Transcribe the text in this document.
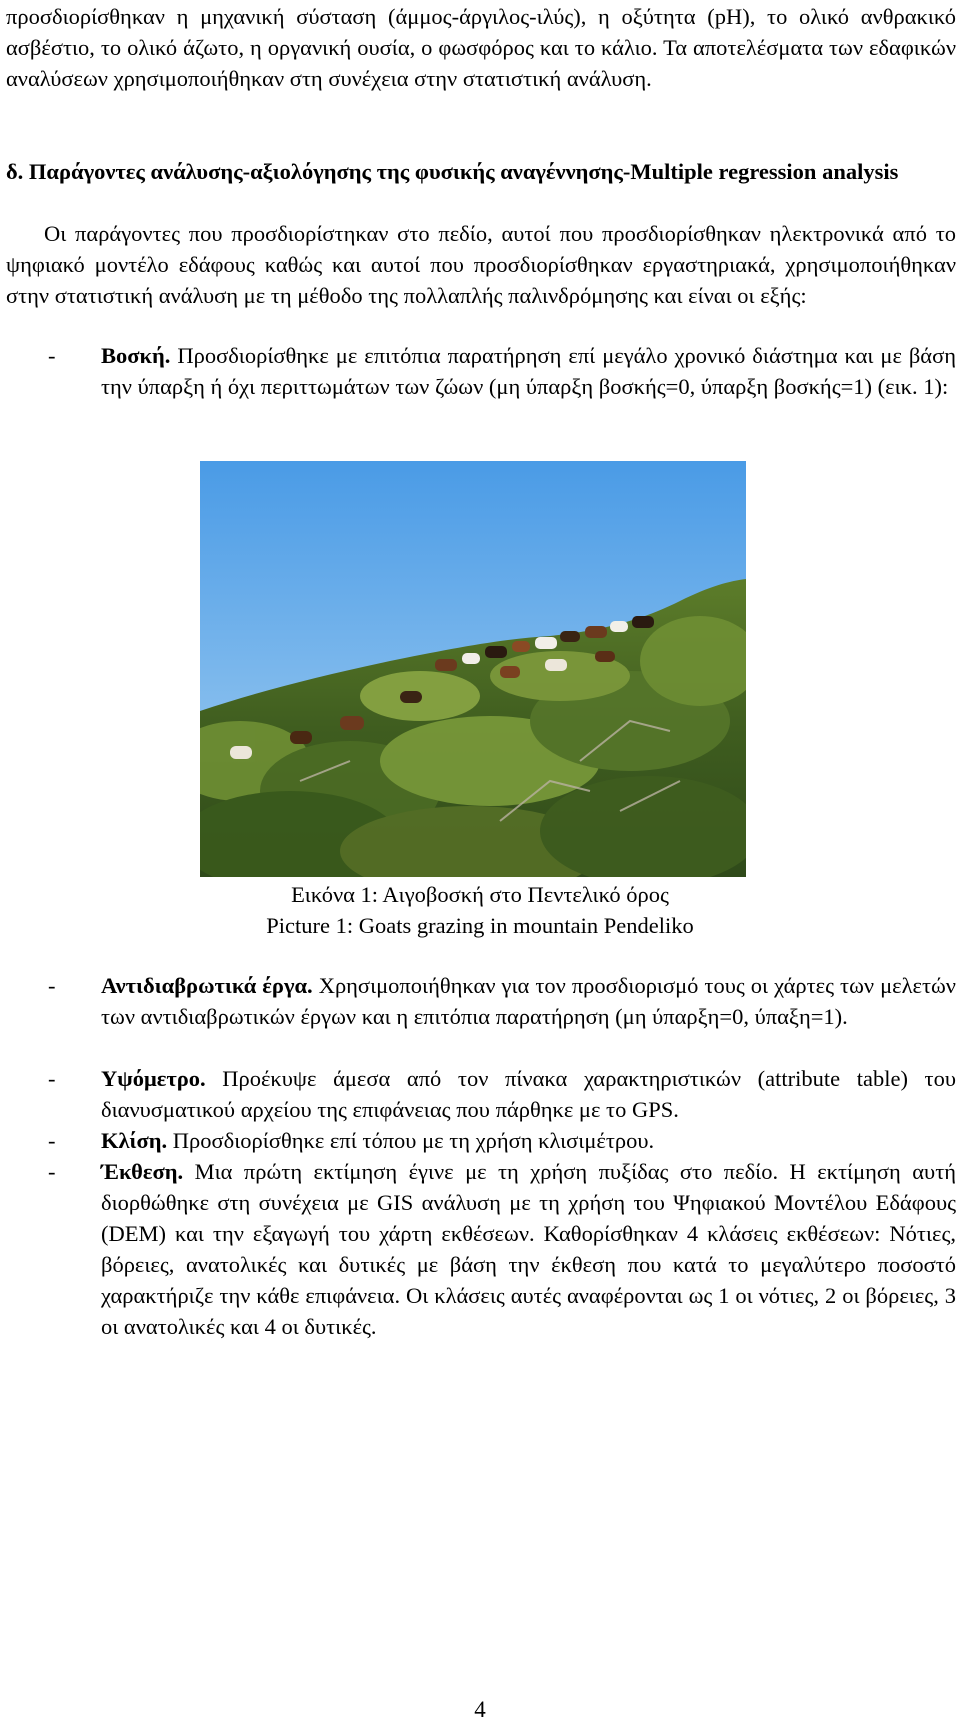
προσδιορίσθηκαν η μηχανική σύσταση (άμμος-άργιλος-ιλύς), η οξύτητα (pH), το ολικό ανθρακικό ασβέστιο, το ολικό άζωτο, η οργανική ουσία, ο φωσφόρος και το κάλιο. Τα αποτελέσματα των εδαφικών αναλύσεων χρησιμοποιήθηκαν στη συνέχεια στην στατιστική ανάλυση.

δ. Παράγοντες ανάλυσης-αξιολόγησης της φυσικής αναγέννησης-Multiple regression analysis

Οι παράγοντες που προσδιορίστηκαν στο πεδίο, αυτοί που προσδιορίσθηκαν ηλεκτρονικά από το ψηφιακό μοντέλο εδάφους καθώς και αυτοί που προσδιορίσθηκαν εργαστηριακά, χρησιμοποιήθηκαν στην στατιστική ανάλυση με τη μέθοδο της πολλαπλής παλινδρόμησης και είναι οι εξής:

- Βοσκή. Προσδιορίσθηκε με επιτόπια παρατήρηση επί μεγάλο χρονικό διάστημα και με βάση την ύπαρξη ή όχι περιττωμάτων των ζώων (μη ύπαρξη βοσκής=0, ύπαρξη βοσκής=1) (εικ. 1):

- Αντιδιαβρωτικά έργα. Χρησιμοποιήθηκαν για τον προσδιορισμό τους οι χάρτες των μελετών των αντιδιαβρωτικών έργων και η επιτόπια παρατήρηση (μη ύπαρξη=0, ύπαξη=1).

- Υψόμετρο. Προέκυψε άμεσα από τον πίνακα χαρακτηριστικών (attribute table) του διανυσματικού αρχείου της επιφάνειας που πάρθηκε με το GPS.

- Κλίση. Προσδιορίσθηκε επί τόπου με τη χρήση κλισιμέτρου.

- Έκθεση. Μια πρώτη εκτίμηση έγινε με τη χρήση πυξίδας στο πεδίο. Η εκτίμηση αυτή διορθώθηκε στη συνέχεια με GIS ανάλυση με τη χρήση του Ψηφιακού Μοντέλου Εδάφους (DEM) και την εξαγωγή του χάρτη εκθέσεων. Καθορίσθηκαν 4 κλάσεις εκθέσεων: Νότιες, βόρειες, ανατολικές και δυτικές με βάση την έκθεση που κατά το μεγαλύτερο ποσοστό χαρακτήριζε την κάθε επιφάνεια. Οι κλάσεις αυτές αναφέρονται ως 1 οι νότιες, 2 οι βόρειες, 3 οι ανατολικές και 4 οι δυτικές.

Εικόνα 1: Αιγοβοσκή στο Πεντελικό όρος
Picture 1: Goats grazing in mountain Pendeliko
4
